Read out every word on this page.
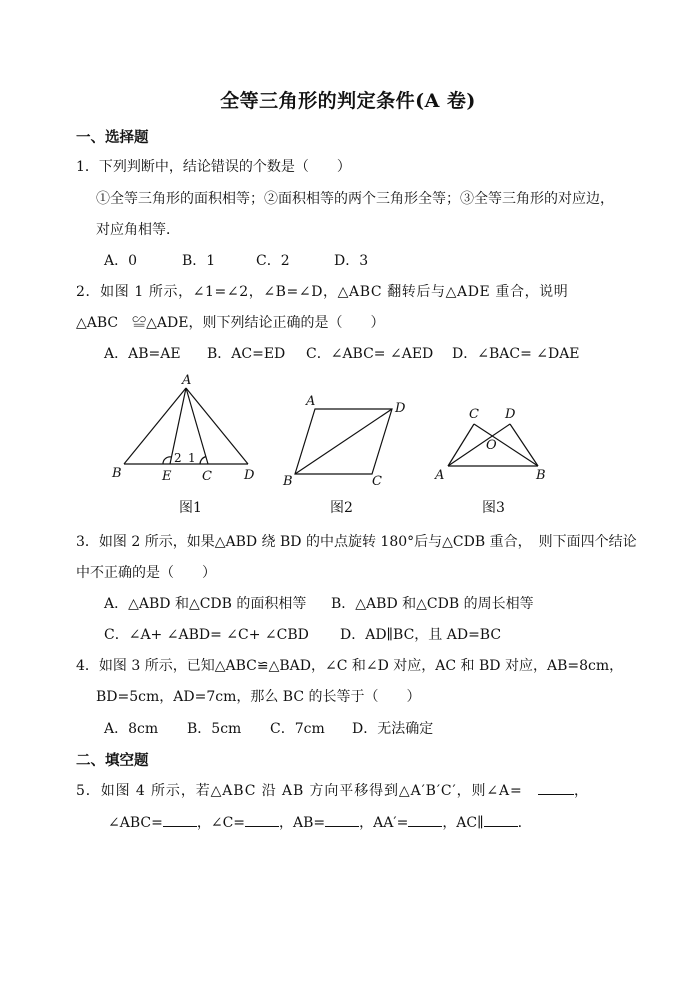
全等三角形的判定条件(A 卷)
一、选择题
1．下列判断中，结论错误的个数是（　　）
①全等三角形的面积相等；②面积相等的两个三角形全等；③全等三角形的对应边，
对应角相等．
A．0	B．1	C．2	D．3
2．如图 1 所示，∠1=∠2，∠B=∠D，△ABC 翻转后与△ADE 重合，说明
△ABC　≌△ADE，则下列结论正确的是（　　）
A．AB=AE B．AC=ED C．∠ABC= ∠AED D．∠BAC= ∠DAE
A
B	E C D
2 1
图1
A	D
B	C
图2
C D
O
A	B
图3
3．如图 2 所示，如果△ABD 绕 BD 的中点旋转 180°后与△CDB 重合，　则下面四个结论
中不正确的是（　　）
A．△ABD 和△CDB 的面积相等 B．△ABD 和△CDB 的周长相等
C．∠A+ ∠ABD= ∠C+ ∠CBD D．AD∥BC，且 AD=BC
4．如图 3 所示，已知△ABC≌△BAD，∠C 和∠D 对应，AC 和 BD 对应，AB=8cm，
BD=5cm，AD=7cm，那么 BC 的长等于（　　）
A．8cm B．5cm C．7cm D．无法确定
二、填空题
5．如图 4 所示，若△ABC 沿 AB 方向平移得到△A′B′C′，则∠A=	，
∠ABC= ，∠C= ，AB= ，AA′= ，AC∥ .
